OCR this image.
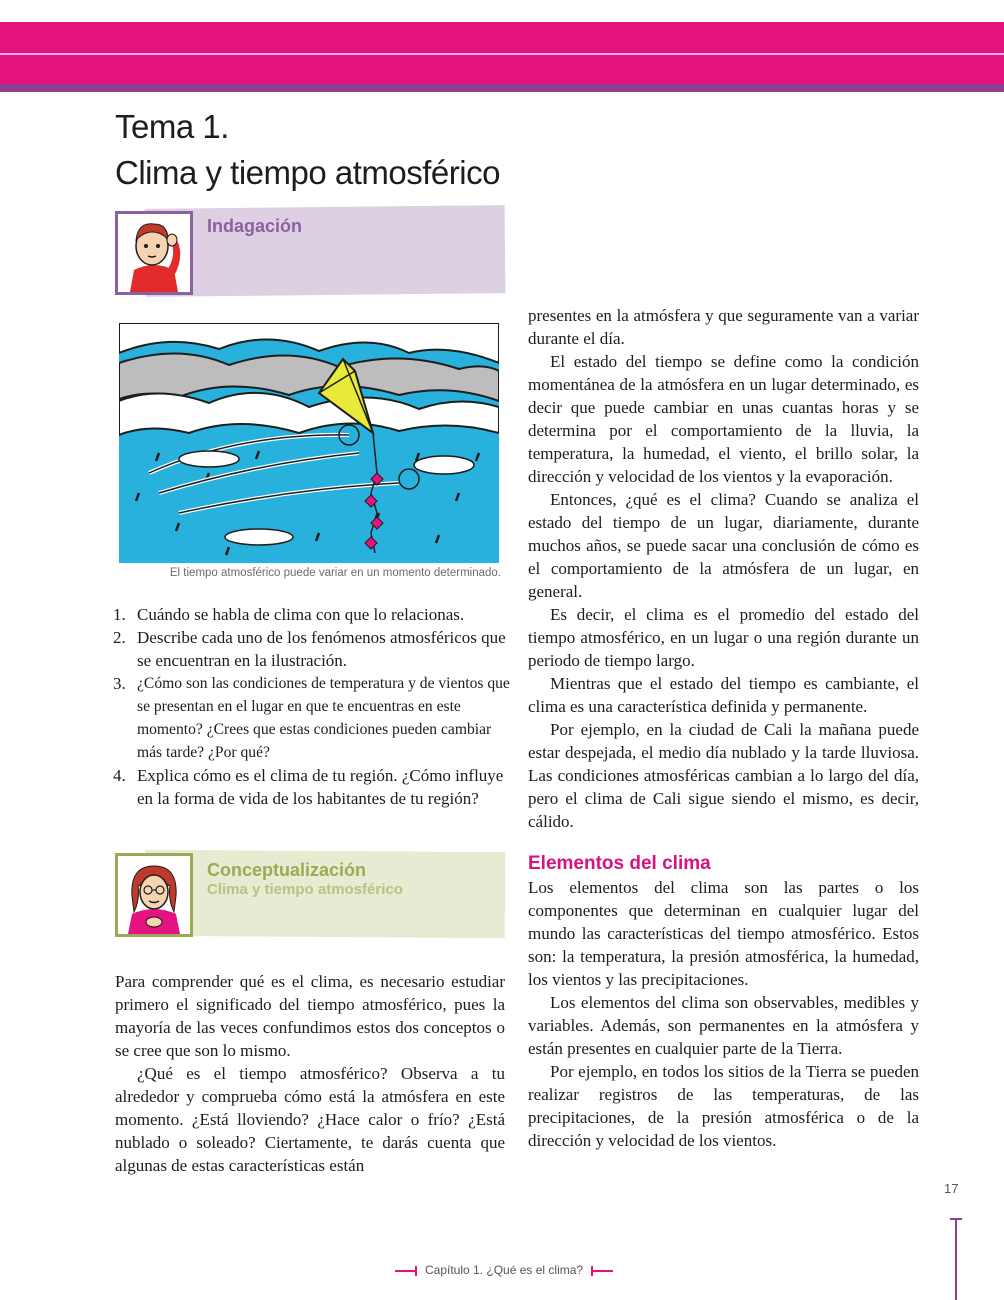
Tema 1.
Clima y tiempo atmosférico
Indagación
El tiempo atmosférico puede variar en un momento determinado.
1. Cuándo se habla de clima con que lo relacionas.
2. Describe cada uno de los fenómenos atmosféricos que se encuentran en la ilustración.
3. ¿Cómo son las condiciones de temperatura y de vientos que se presentan en el lugar en que te encuentras en este momento? ¿Crees que estas condiciones pueden cambiar más tarde? ¿Por qué?
4. Explica cómo es el clima de tu región. ¿Cómo influye en la forma de vida de los habitantes de tu región?
Conceptualización
Clima y tiempo atmosférico

Para comprender qué es el clima, es necesario estudiar primero el significado del tiempo atmosférico, pues la mayoría de las veces confundimos estos dos conceptos o se cree que son lo mismo.

¿Qué es el tiempo atmosférico? Observa a tu alrededor y comprueba cómo está la atmósfera en este momento. ¿Está lloviendo? ¿Hace calor o frío? ¿Está nublado o soleado? Ciertamente, te darás cuenta que algunas de estas características están

presentes en la atmósfera y que seguramente van a variar durante el día.

El estado del tiempo se define como la condición momentánea de la atmósfera en un lugar determinado, es decir que puede cambiar en unas cuantas horas y se determina por el comportamiento de la lluvia, la temperatura, la humedad, el viento, el brillo solar, la dirección y velocidad de los vientos y la evaporación.

Entonces, ¿qué es el clima? Cuando se analiza el estado del tiempo de un lugar, diariamente, durante muchos años, se puede sacar una conclusión de cómo es el comportamiento de la atmósfera de un lugar, en general.

Es decir, el clima es el promedio del estado del tiempo atmosférico, en un lugar o una región durante un periodo de tiempo largo.

Mientras que el estado del tiempo es cambiante, el clima es una característica definida y permanente.

Por ejemplo, en la ciudad de Cali la mañana puede estar despejada, el medio día nublado y la tarde lluviosa. Las condiciones atmosféricas cambian a lo largo del día, pero el clima de Cali sigue siendo el mismo, es decir, cálido.

Elementos del clima

Los elementos del clima son las partes o los componentes que determinan en cualquier lugar del mundo las características del tiempo atmosférico. Estos son: la temperatura, la presión atmosférica, la humedad, los vientos y las precipitaciones.

Los elementos del clima son observables, medibles y variables. Además, son permanentes en la atmósfera y están presentes en cualquier parte de la Tierra.

Por ejemplo, en todos los sitios de la Tierra se pueden realizar registros de las temperaturas, de las precipitaciones, de la presión atmosférica o de la dirección y velocidad de los vientos.

17
Capítulo 1. ¿Qué es el clima?
